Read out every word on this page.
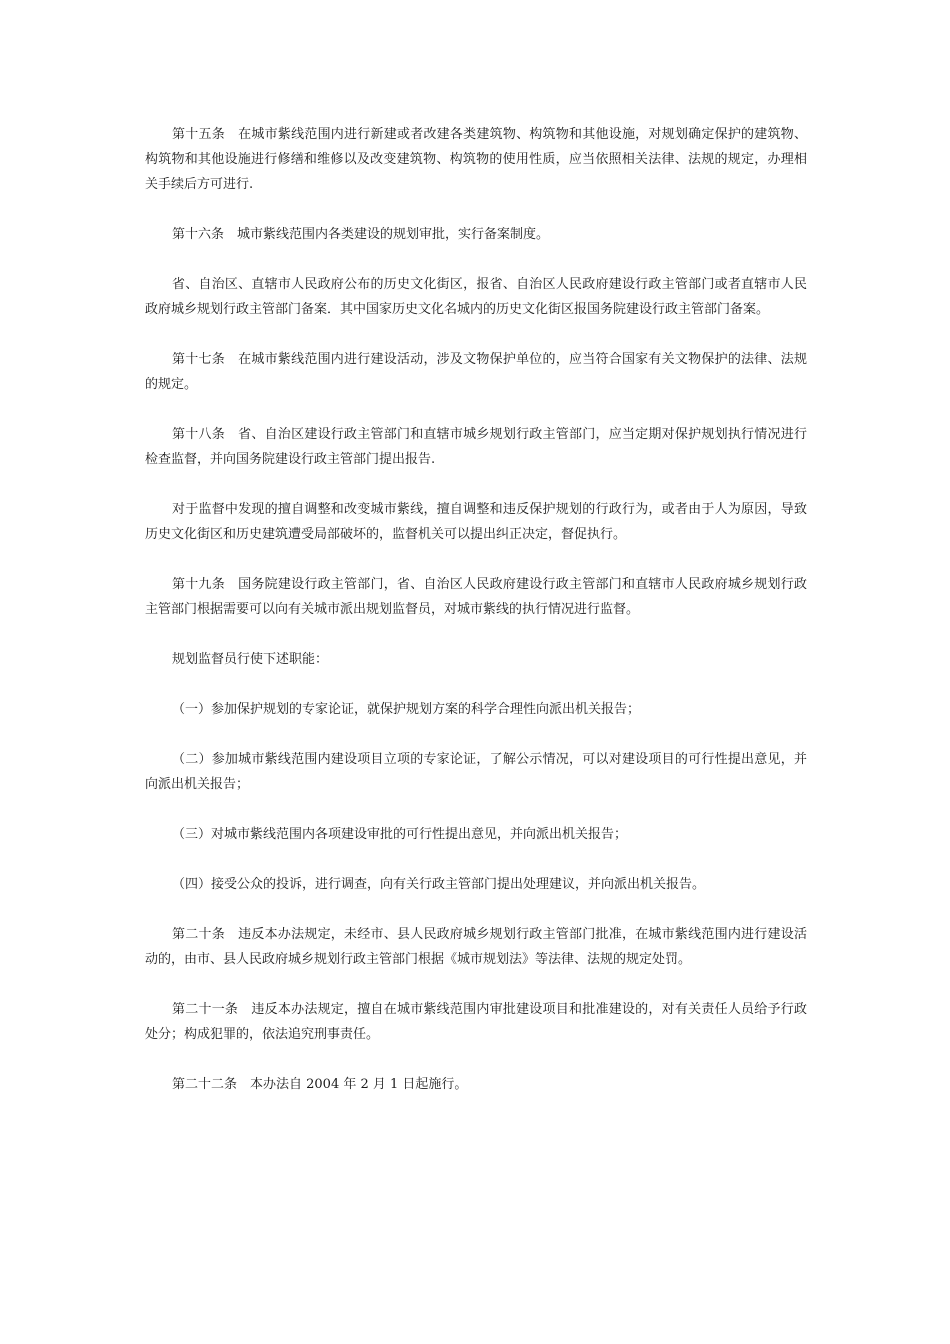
第十五条　在城市紫线范围内进行新建或者改建各类建筑物、构筑物和其他设施，对规划确定保护的建筑物、构筑物和其他设施进行修缮和维修以及改变建筑物、构筑物的使用性质，应当依照相关法律、法规的规定，办理相关手续后方可进行.

第十六条　城市紫线范围内各类建设的规划审批，实行备案制度。

省、自治区、直辖市人民政府公布的历史文化街区，报省、自治区人民政府建设行政主管部门或者直辖市人民政府城乡规划行政主管部门备案．其中国家历史文化名城内的历史文化街区报国务院建设行政主管部门备案。

第十七条　在城市紫线范围内进行建设活动，涉及文物保护单位的，应当符合国家有关文物保护的法律、法规的规定。

第十八条　省、自治区建设行政主管部门和直辖市城乡规划行政主管部门，应当定期对保护规划执行情况进行检查监督，并向国务院建设行政主管部门提出报告.

对于监督中发现的擅自调整和改变城市紫线，擅自调整和违反保护规划的行政行为，或者由于人为原因，导致历史文化街区和历史建筑遭受局部破坏的，监督机关可以提出纠正决定，督促执行。

第十九条　国务院建设行政主管部门，省、自治区人民政府建设行政主管部门和直辖市人民政府城乡规划行政主管部门根据需要可以向有关城市派出规划监督员，对城市紫线的执行情况进行监督。

规划监督员行使下述职能：

（一）参加保护规划的专家论证，就保护规划方案的科学合理性向派出机关报告；

（二）参加城市紫线范围内建设项目立项的专家论证，了解公示情况，可以对建设项目的可行性提出意见，并向派出机关报告；

（三）对城市紫线范围内各项建设审批的可行性提出意见，并向派出机关报告；

（四）接受公众的投诉，进行调查，向有关行政主管部门提出处理建议，并向派出机关报告。

第二十条　违反本办法规定，未经市、县人民政府城乡规划行政主管部门批准，在城市紫线范围内进行建设活动的，由市、县人民政府城乡规划行政主管部门根据《城市规划法》等法律、法规的规定处罚。

第二十一条　违反本办法规定，擅自在城市紫线范围内审批建设项目和批准建设的，对有关责任人员给予行政处分；构成犯罪的，依法追究刑事责任。

第二十二条　本办法自 2004 年 2 月 1 日起施行。
